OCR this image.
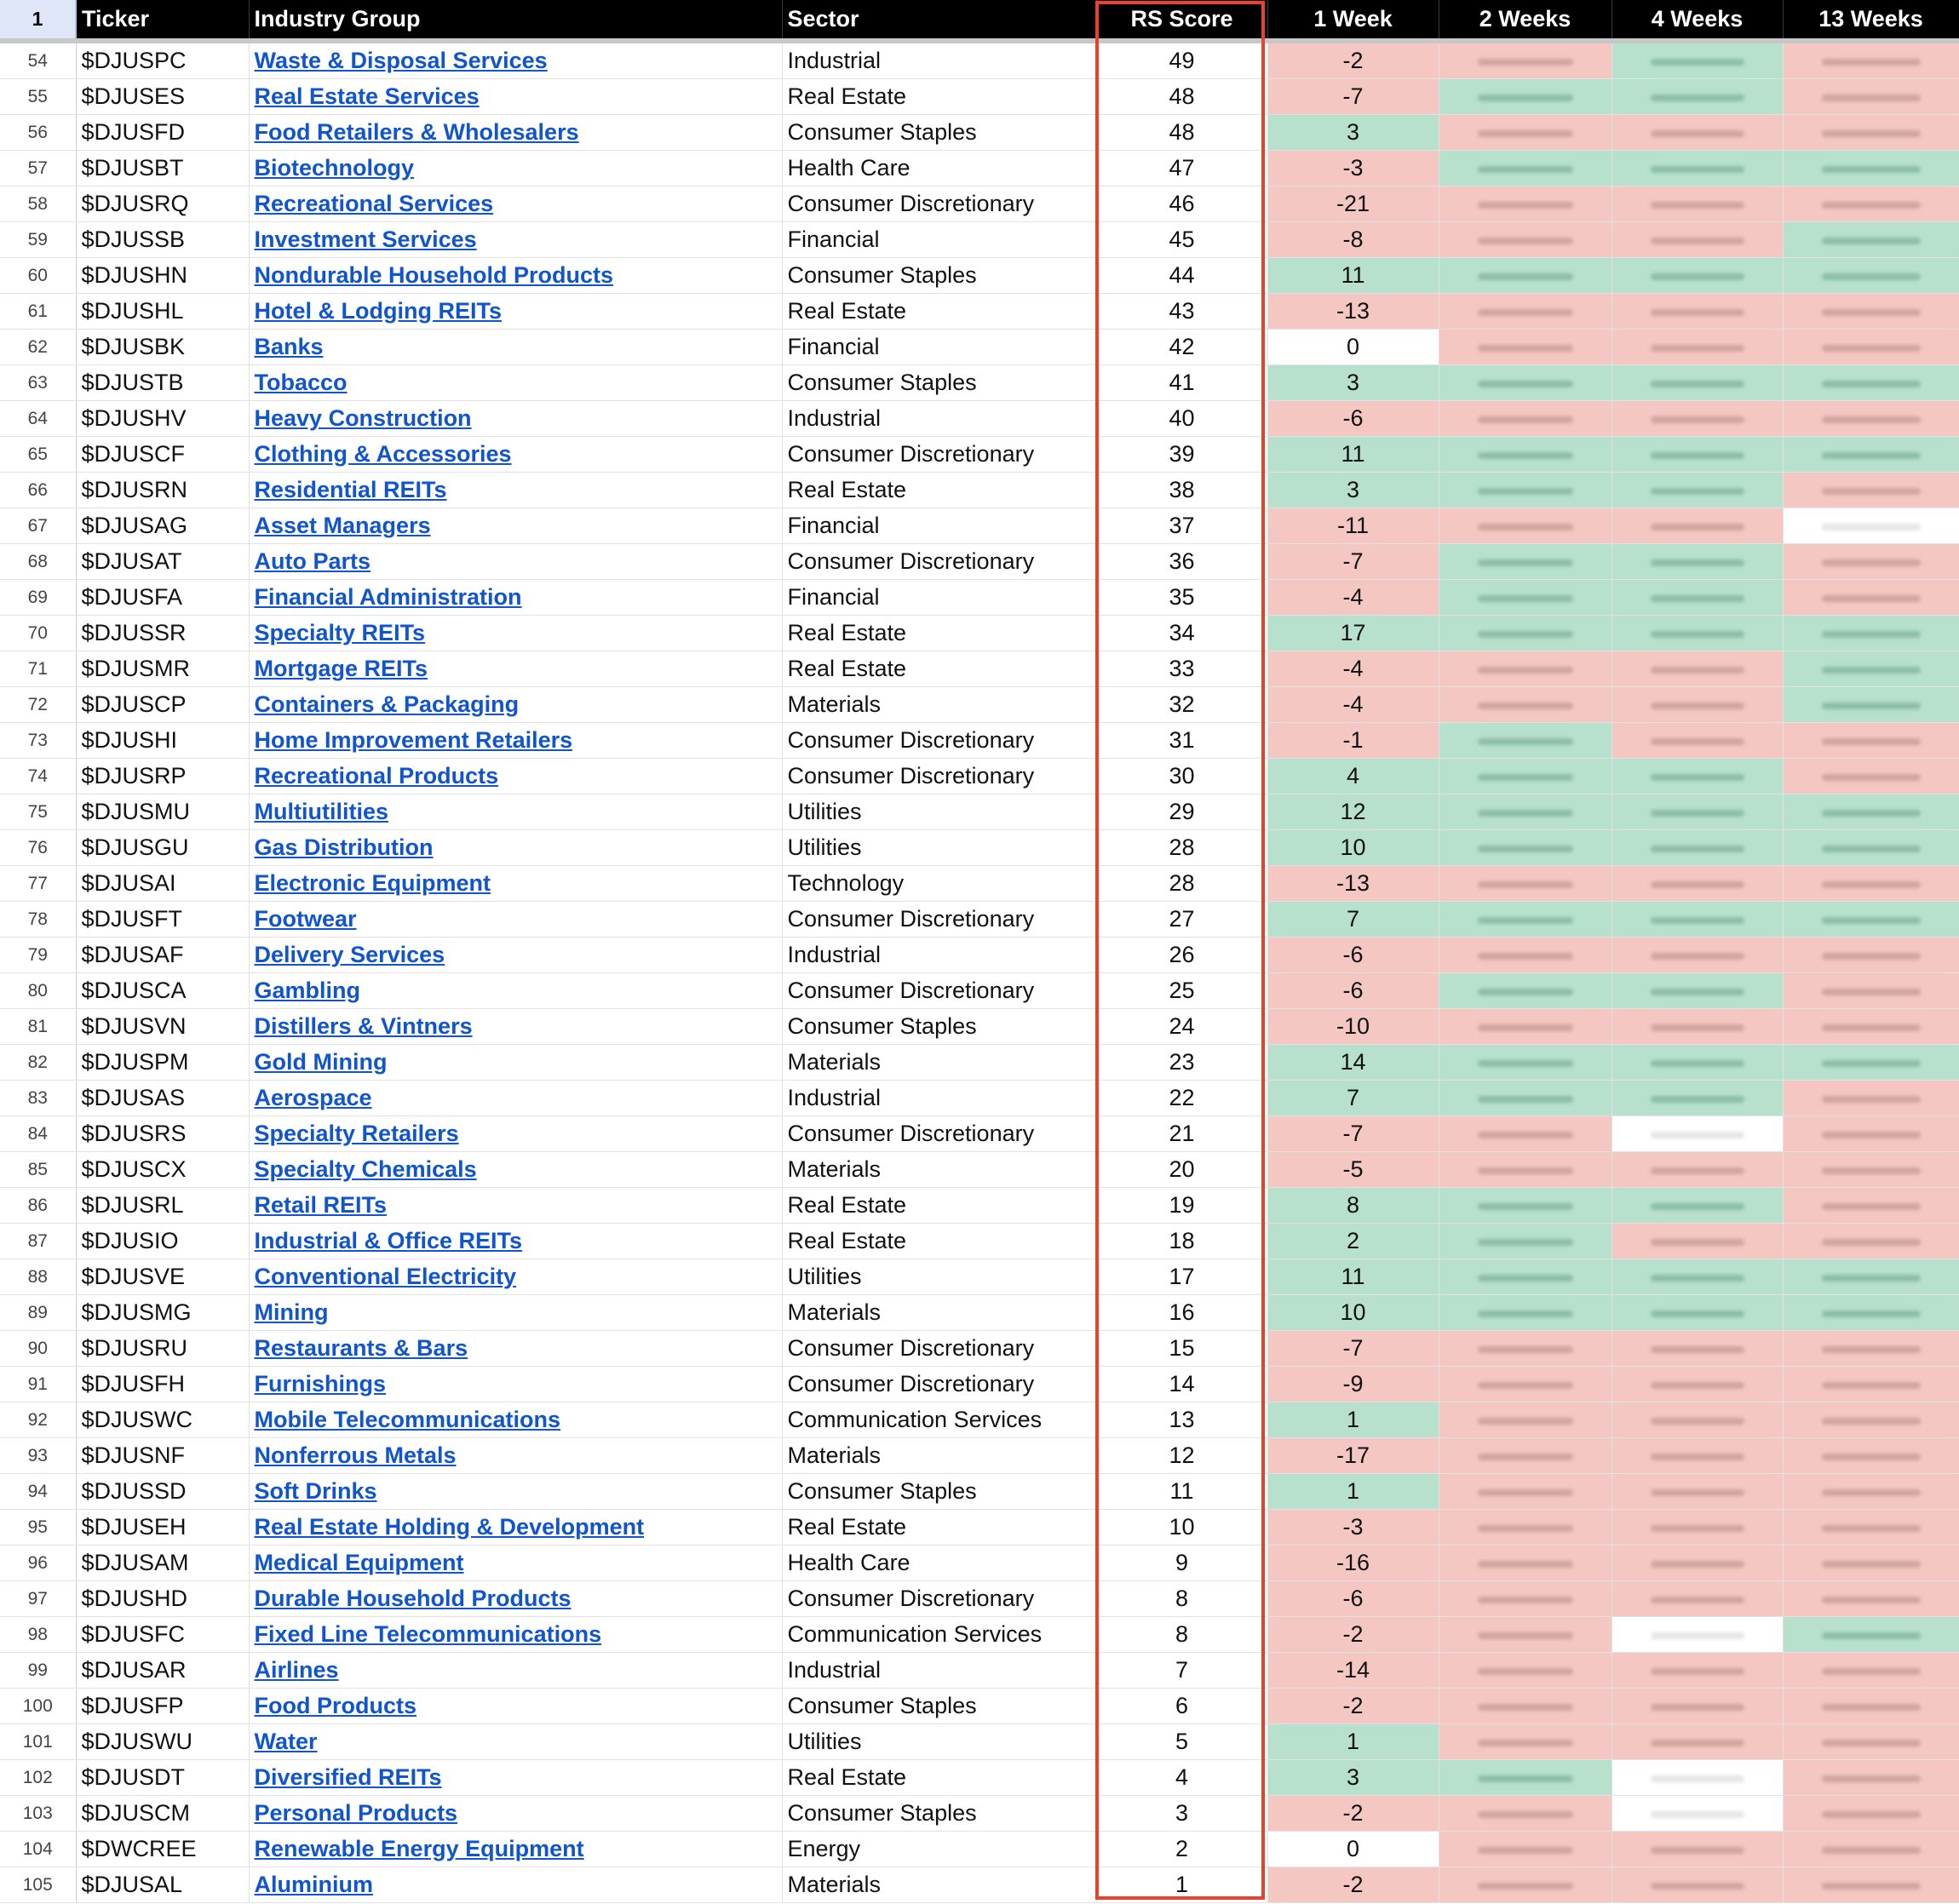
1	Ticker	Industry Group	Sector	RS Score	1 Week	2 Weeks	4 Weeks	13 Weeks

54	$DJUSPC	Waste & Disposal Services	Industrial	49	-2	

55	$DJUSES	Real Estate Services	Real Estate	48	-7	

56	$DJUSFD	Food Retailers & Wholesalers	Consumer Staples	48	3	

57	$DJUSBT	Biotechnology	Health Care	47	-3	

58	$DJUSRQ	Recreational Services	Consumer Discretionary	46	-21	

59	$DJUSSB	Investment Services	Financial	45	-8	

60	$DJUSHN	Nondurable Household Products	Consumer Staples	44	11	

61	$DJUSHL	Hotel & Lodging REITs	Real Estate	43	-13	

62	$DJUSBK	Banks	Financial	42	0	

63	$DJUSTB	Tobacco	Consumer Staples	41	3	

64	$DJUSHV	Heavy Construction	Industrial	40	-6	

65	$DJUSCF	Clothing & Accessories	Consumer Discretionary	39	11	

66	$DJUSRN	Residential REITs	Real Estate	38	3	

67	$DJUSAG	Asset Managers	Financial	37	-11	

68	$DJUSAT	Auto Parts	Consumer Discretionary	36	-7	

69	$DJUSFA	Financial Administration	Financial	35	-4	

70	$DJUSSR	Specialty REITs	Real Estate	34	17	

71	$DJUSMR	Mortgage REITs	Real Estate	33	-4	

72	$DJUSCP	Containers & Packaging	Materials	32	-4	

73	$DJUSHI	Home Improvement Retailers	Consumer Discretionary	31	-1	

74	$DJUSRP	Recreational Products	Consumer Discretionary	30	4	

75	$DJUSMU	Multiutilities	Utilities	29	12	

76	$DJUSGU	Gas Distribution	Utilities	28	10	

77	$DJUSAI	Electronic Equipment	Technology	28	-13	

78	$DJUSFT	Footwear	Consumer Discretionary	27	7	

79	$DJUSAF	Delivery Services	Industrial	26	-6	

80	$DJUSCA	Gambling	Consumer Discretionary	25	-6	

81	$DJUSVN	Distillers & Vintners	Consumer Staples	24	-10	

82	$DJUSPM	Gold Mining	Materials	23	14	

83	$DJUSAS	Aerospace	Industrial	22	7	

84	$DJUSRS	Specialty Retailers	Consumer Discretionary	21	-7	

85	$DJUSCX	Specialty Chemicals	Materials	20	-5	

86	$DJUSRL	Retail REITs	Real Estate	19	8	

87	$DJUSIO	Industrial & Office REITs	Real Estate	18	2	

88	$DJUSVE	Conventional Electricity	Utilities	17	11	

89	$DJUSMG	Mining	Materials	16	10	

90	$DJUSRU	Restaurants & Bars	Consumer Discretionary	15	-7	

91	$DJUSFH	Furnishings	Consumer Discretionary	14	-9	

92	$DJUSWC	Mobile Telecommunications	Communication Services	13	1	

93	$DJUSNF	Nonferrous Metals	Materials	12	-17	

94	$DJUSSD	Soft Drinks	Consumer Staples	11	1	

95	$DJUSEH	Real Estate Holding & Development	Real Estate	10	-3	

96	$DJUSAM	Medical Equipment	Health Care	9	-16	

97	$DJUSHD	Durable Household Products	Consumer Discretionary	8	-6	

98	$DJUSFC	Fixed Line Telecommunications	Communication Services	8	-2	

99	$DJUSAR	Airlines	Industrial	7	-14	

100	$DJUSFP	Food Products	Consumer Staples	6	-2	

101	$DJUSWU	Water	Utilities	5	1	

102	$DJUSDT	Diversified REITs	Real Estate	4	3	

103	$DJUSCM	Personal Products	Consumer Staples	3	-2	

104	$DWCREE	Renewable Energy Equipment	Energy	2	0	

105	$DJUSAL	Aluminium	Materials	1	-2	
